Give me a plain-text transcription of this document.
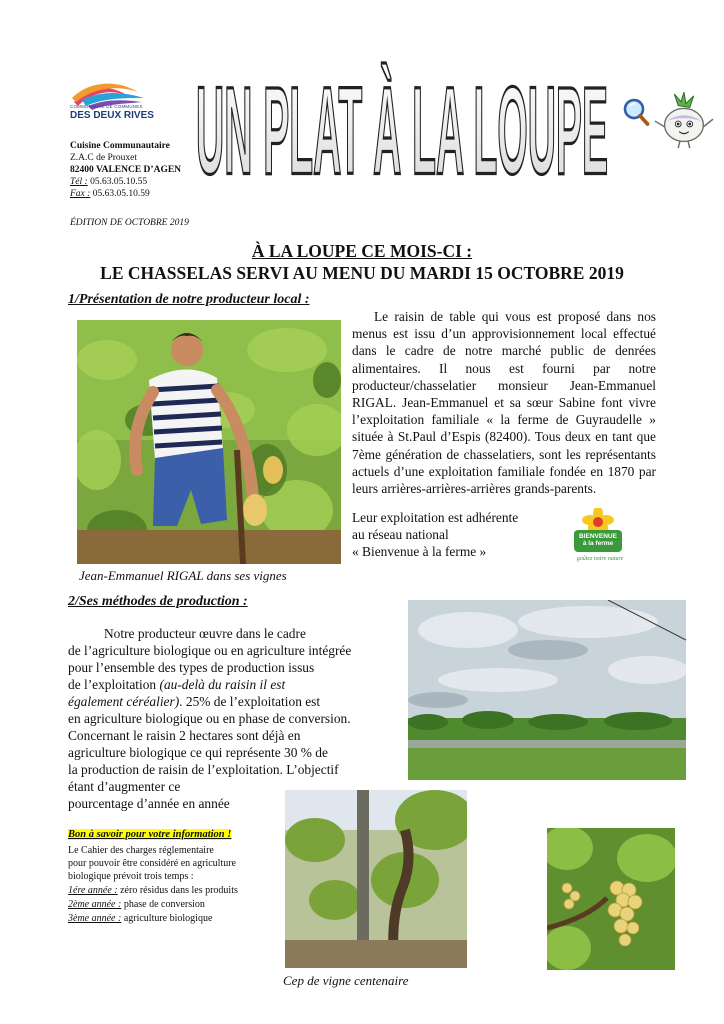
COMMUNAUTÉ DE COMMUNES
DES DEUX RIVES
Cuisine Communautaire
Z.A.C de Prouxet
82400 VALENCE D’AGEN
Tél : 05.63.05.10.55
Fax : 05.63.05.10.59
ÉDITION DE OCTOBRE 2019
UN PLAT À LA LOUPE
À LA LOUPE CE MOIS-CI :
LE CHASSELAS SERVI AU MENU DU MARDI 15 OCTOBRE 2019
1/Présentation de notre producteur local :
Jean-Emmanuel RIGAL dans ses vignes
Le raisin de table qui vous est proposé dans nos menus est issu d’un approvisionnement local effectué dans le cadre de notre marché public de denrées alimentaires. Il nous est fourni par notre producteur/chasselatier monsieur Jean-Emmanuel RIGAL. Jean-Emmanuel et sa sœur Sabine font vivre l’exploitation familiale « la ferme de Guyraudelle » située à St.Paul d’Espis (82400). Tous deux en tant que 7ème génération de chasselatiers, sont les représentants actuels d’une exploitation familiale fondée en 1870 par leurs arrières-arrières-arrières grands-parents.
Leur exploitation est adhérente
au réseau national
« Bienvenue à la ferme »
BIENVENUE
à la ferme
goûtez notre nature
2/Ses méthodes de production :
Notre producteur œuvre dans le cadre
de l’agriculture biologique ou en agriculture intégrée
pour l’ensemble des types de production issus
de l’exploitation (au-delà du raisin il est
également céréalier). 25% de l’exploitation est
en agriculture biologique ou en phase de conversion.
Concernant le raisin 2 hectares sont déjà en
agriculture biologique ce qui représente 30 % de
la production de raisin de l’exploitation. L’objectif
étant d’augmenter ce
pourcentage d’année en année
Cep de vigne centenaire
Bon à savoir pour votre information !
Le Cahier des charges réglementaire
pour pouvoir être considéré en agriculture
biologique prévoit trois temps :
1ére année : zéro résidus dans les produits
2ème année : phase de conversion
3ème année : agriculture biologique
